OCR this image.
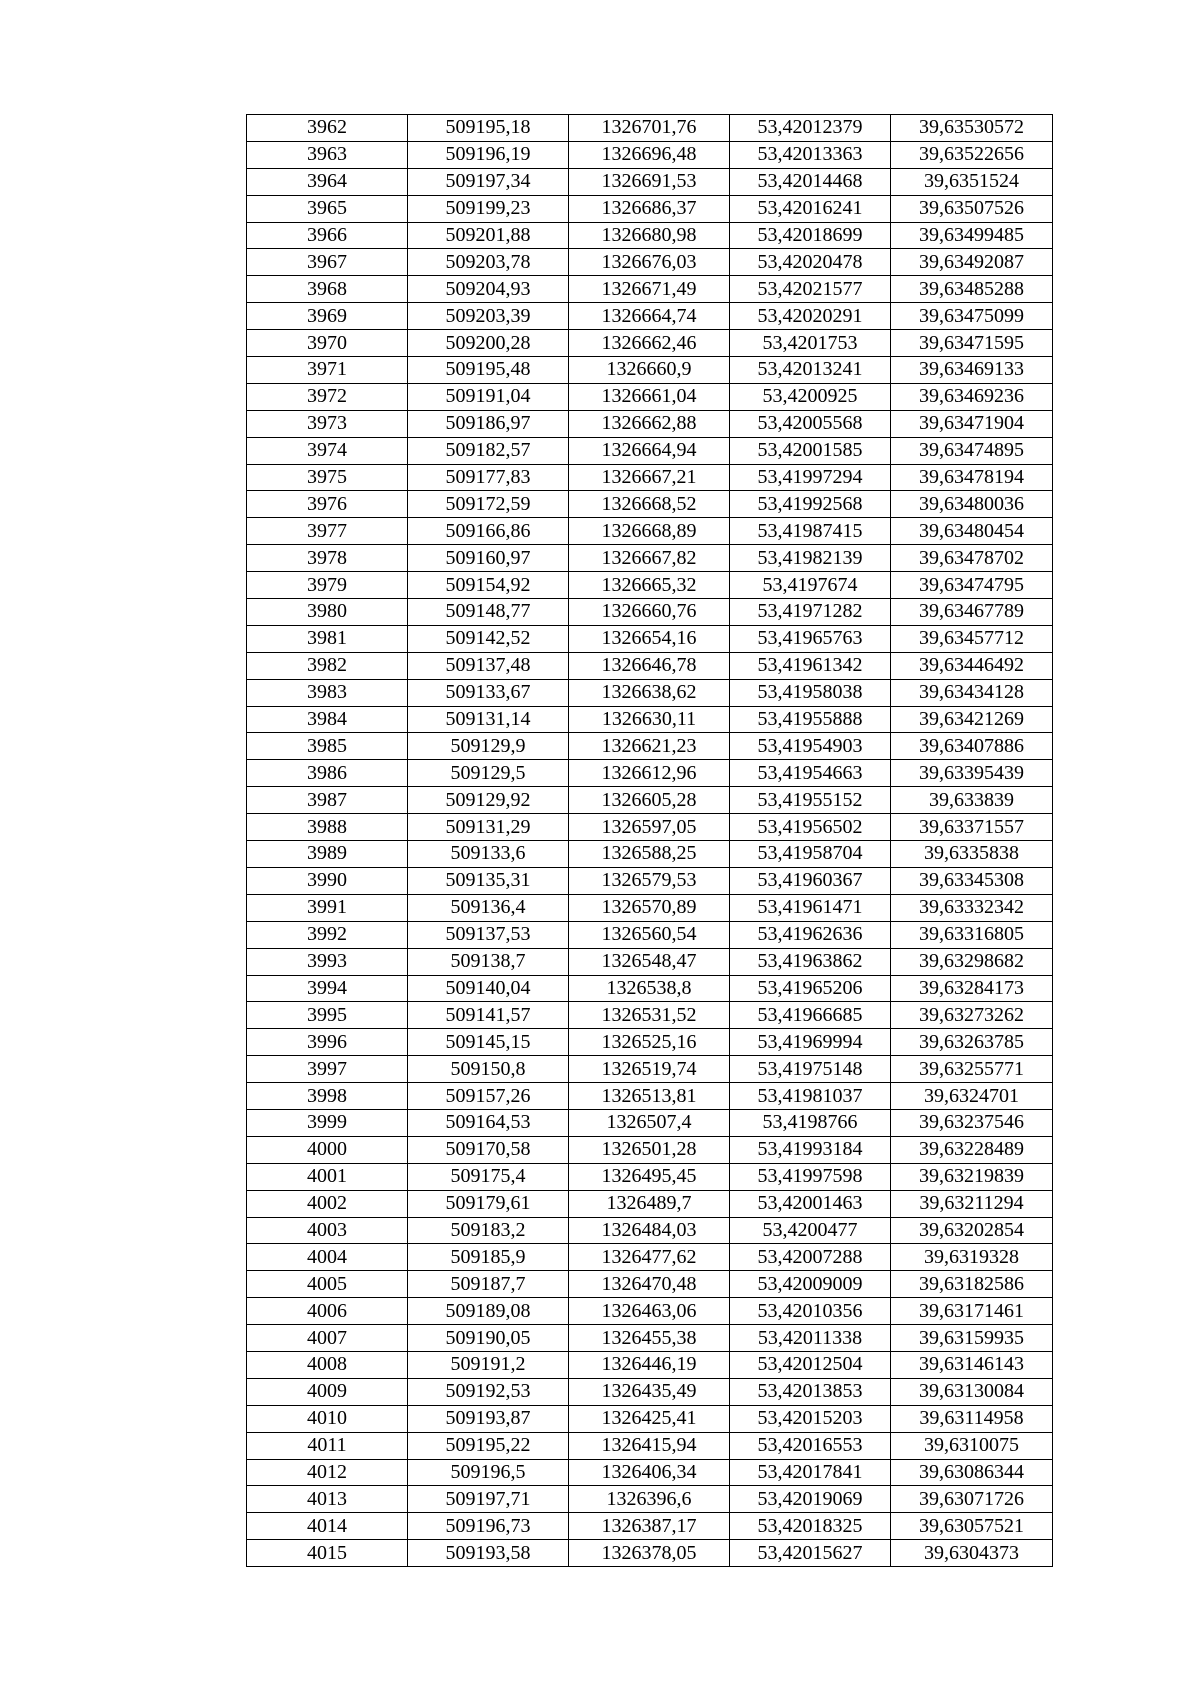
3962	509195,18	1326701,76	53,42012379	39,63530572
3963	509196,19	1326696,48	53,42013363	39,63522656
3964	509197,34	1326691,53	53,42014468	39,6351524
3965	509199,23	1326686,37	53,42016241	39,63507526
3966	509201,88	1326680,98	53,42018699	39,63499485
3967	509203,78	1326676,03	53,42020478	39,63492087
3968	509204,93	1326671,49	53,42021577	39,63485288
3969	509203,39	1326664,74	53,42020291	39,63475099
3970	509200,28	1326662,46	53,4201753	39,63471595
3971	509195,48	1326660,9	53,42013241	39,63469133
3972	509191,04	1326661,04	53,4200925	39,63469236
3973	509186,97	1326662,88	53,42005568	39,63471904
3974	509182,57	1326664,94	53,42001585	39,63474895
3975	509177,83	1326667,21	53,41997294	39,63478194
3976	509172,59	1326668,52	53,41992568	39,63480036
3977	509166,86	1326668,89	53,41987415	39,63480454
3978	509160,97	1326667,82	53,41982139	39,63478702
3979	509154,92	1326665,32	53,4197674	39,63474795
3980	509148,77	1326660,76	53,41971282	39,63467789
3981	509142,52	1326654,16	53,41965763	39,63457712
3982	509137,48	1326646,78	53,41961342	39,63446492
3983	509133,67	1326638,62	53,41958038	39,63434128
3984	509131,14	1326630,11	53,41955888	39,63421269
3985	509129,9	1326621,23	53,41954903	39,63407886
3986	509129,5	1326612,96	53,41954663	39,63395439
3987	509129,92	1326605,28	53,41955152	39,633839
3988	509131,29	1326597,05	53,41956502	39,63371557
3989	509133,6	1326588,25	53,41958704	39,6335838
3990	509135,31	1326579,53	53,41960367	39,63345308
3991	509136,4	1326570,89	53,41961471	39,63332342
3992	509137,53	1326560,54	53,41962636	39,63316805
3993	509138,7	1326548,47	53,41963862	39,63298682
3994	509140,04	1326538,8	53,41965206	39,63284173
3995	509141,57	1326531,52	53,41966685	39,63273262
3996	509145,15	1326525,16	53,41969994	39,63263785
3997	509150,8	1326519,74	53,41975148	39,63255771
3998	509157,26	1326513,81	53,41981037	39,6324701
3999	509164,53	1326507,4	53,4198766	39,63237546
4000	509170,58	1326501,28	53,41993184	39,63228489
4001	509175,4	1326495,45	53,41997598	39,63219839
4002	509179,61	1326489,7	53,42001463	39,63211294
4003	509183,2	1326484,03	53,4200477	39,63202854
4004	509185,9	1326477,62	53,42007288	39,6319328
4005	509187,7	1326470,48	53,42009009	39,63182586
4006	509189,08	1326463,06	53,42010356	39,63171461
4007	509190,05	1326455,38	53,42011338	39,63159935
4008	509191,2	1326446,19	53,42012504	39,63146143
4009	509192,53	1326435,49	53,42013853	39,63130084
4010	509193,87	1326425,41	53,42015203	39,63114958
4011	509195,22	1326415,94	53,42016553	39,6310075
4012	509196,5	1326406,34	53,42017841	39,63086344
4013	509197,71	1326396,6	53,42019069	39,63071726
4014	509196,73	1326387,17	53,42018325	39,63057521
4015	509193,58	1326378,05	53,42015627	39,6304373
